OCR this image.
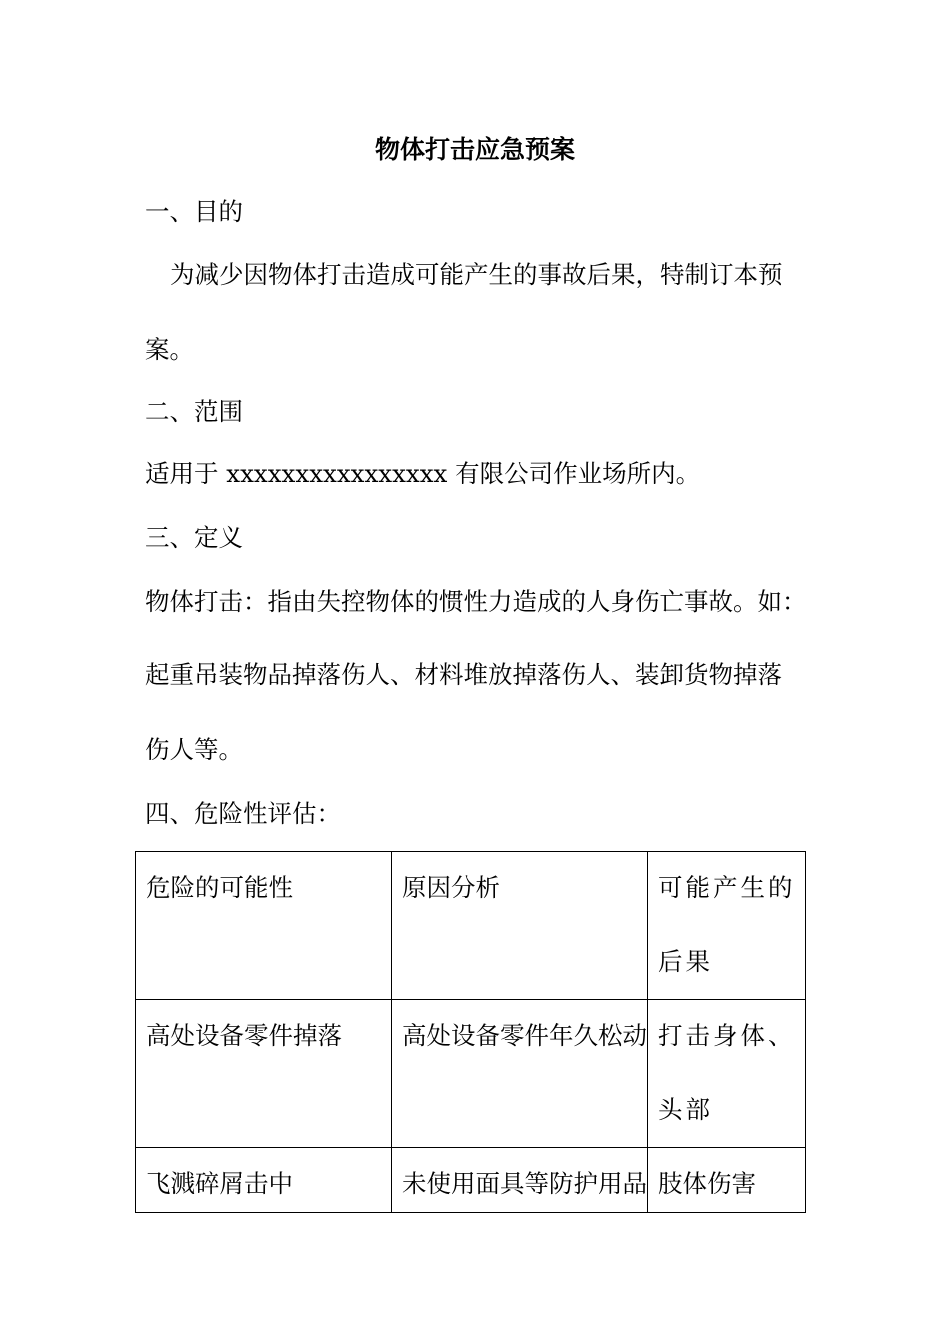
物体打击应急预案
一、目的
为减少因物体打击造成可能产生的事故后果，特制订本预
案。
二、范围
适用于 xxxxxxxxxxxxxxxx 有限公司作业场所内。
三、定义
物体打击：指由失控物体的惯性力造成的人身伤亡事故。如：
起重吊装物品掉落伤人、材料堆放掉落伤人、装卸货物掉落
伤人等。
四、危险性评估：
危险的可能性	原因分析	可能产生的后果

高处设备零件掉落	高处设备零件年久松动	打击身体、头部

飞溅碎屑击中	未使用面具等防护用品	肢体伤害
